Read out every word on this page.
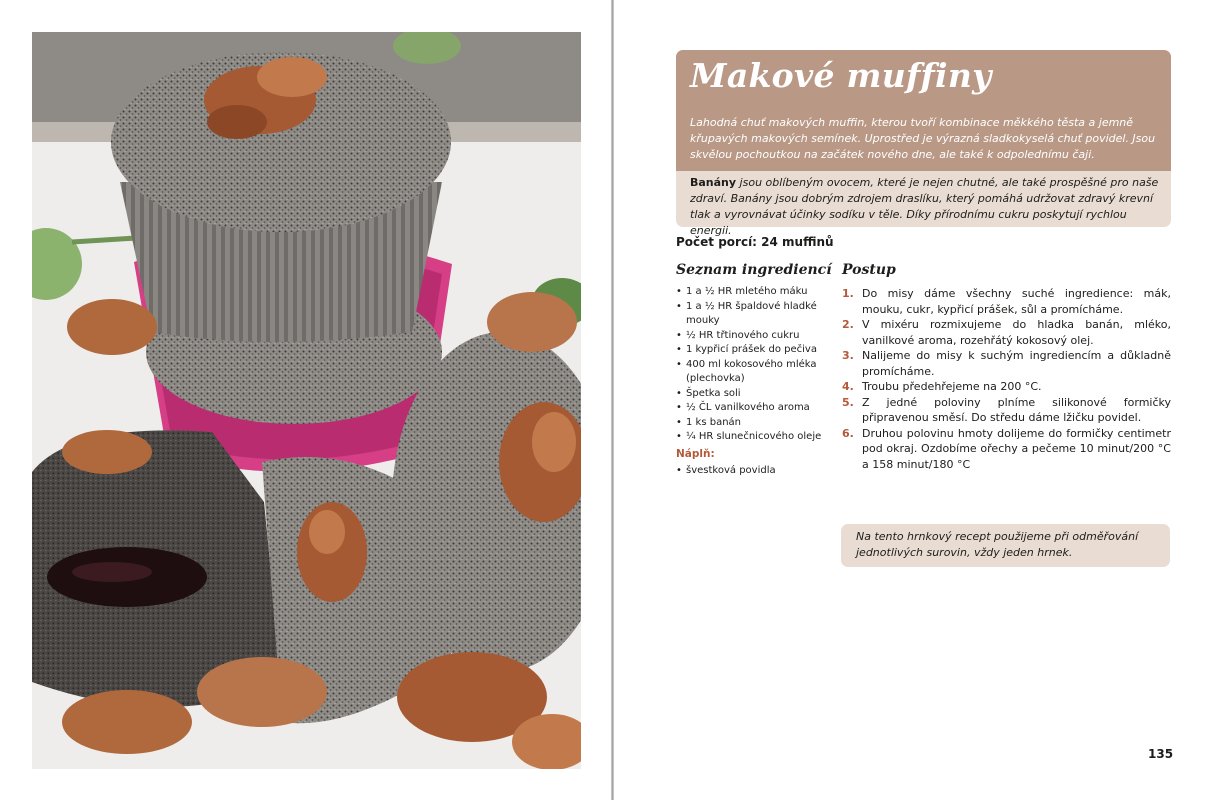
Makové muffiny
Lahodná chuť makových muffin, kterou tvoří kombinace měkkého těsta a jemně křupavých makových semínek. Uprostřed je výrazná sladkokyselá chuť povidel. Jsou skvělou pochoutkou na začátek nového dne, ale také k odpolednímu čaji.
Banány jsou oblíbeným ovocem, které je nejen chutné, ale také prospěšné pro naše zdraví. Banány jsou dobrým zdrojem draslíku, který pomáhá udržovat zdravý krevní tlak a vyrovnávat účinky sodíku v těle. Díky přírodnímu cukru poskytují rychlou energii.
Počet porcí: 24 muffinů
Seznam ingrediencí Postup
• 1 a ½ HR mletého máku
• 1 a ½ HR špaldové hladké mouky
• ½ HR třtinového cukru
• 1 kypřicí prášek do pečiva
• 400 ml kokosového mléka (plechovka)
• Špetka soli
• ½ ČL vanilkového aroma
• 1 ks banán
• ¼ HR slunečnicového oleje
Náplň:
• švestková povidla
1. Do misy dáme všechny suché ingredience: mák, mouku, cukr, kypřicí prášek, sůl a promícháme.
2. V mixéru rozmixujeme do hladka banán, mléko, vanilkové aroma, rozehřátý kokosový olej.
3. Nalijeme do misy k suchým ingrediencím a důkladně promícháme.
4. Troubu předehřejeme na 200 °C.
5. Z jedné poloviny plníme silikonové formičky připravenou směsí. Do středu dáme lžičku povidel.
6. Druhou polovinu hmoty dolijeme do formičky centimetr pod okraj. Ozdobíme ořechy a pečeme 10 minut/200 °C a 158 minut/180 °C
Na tento hrnkový recept použijeme při odměřování jednotlivých surovin, vždy jeden hrnek.
135
